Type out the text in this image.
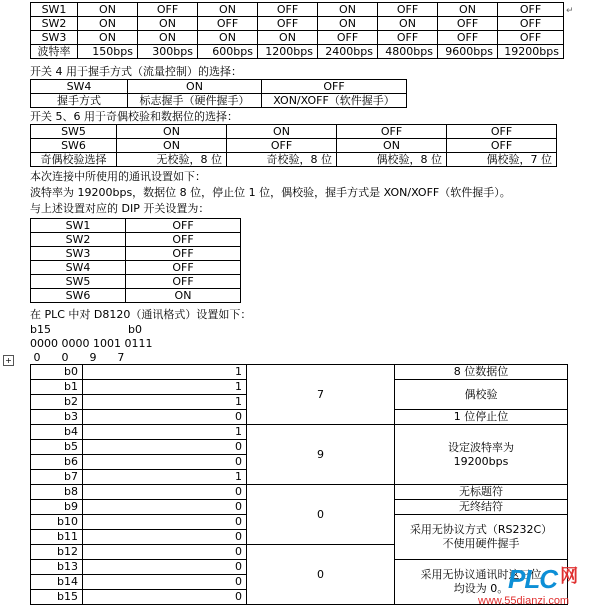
SW1	ON	OFF	ON	OFF	ON	OFF	ON	OFF
SW2	ON	ON	OFF	OFF	ON	ON	OFF	OFF
SW3	ON	ON	ON	ON	OFF	OFF	OFF	OFF
波特率	150bps	300bps	600bps	1200bps	2400bps	4800bps	9600bps	19200bps
↵
开关 4 用于握手方式（流量控制）的选择：
SW4	ON	OFF
握手方式	标志握手（硬件握手）	XON/XOFF（软件握手）
开关 5、6 用于奇偶校验和数据位的选择：
SW5	ON	ON	OFF	OFF
SW6	ON	OFF	ON	OFF
奇偶校验选择	无校验，8 位	奇校验，8 位	偶校验，8 位	偶校验，7 位
本次连接中所使用的通讯设置如下：
波特率为 19200bps，数据位 8 位，停止位 1 位，偶校验，握手方式是 XON/XOFF（软件握手）。
与上述设置对应的 DIP 开关设置为：
SW1	OFF
SW2	OFF
SW3	OFF
SW4	OFF
SW5	OFF
SW6	ON
在 PLC 中对 D8120（通讯格式）设置如下：
b15	b0
0000 0000 1001 0111
0      0      9      7
+
b0	1	7	8 位数据位
b1	1		偶校验
b2	1		
b3	0		1 位停止位
b4	1	9	设定波特率为
19200bps

b5	0		
b6	0		
b7	1		
b8	0	0	无标题符
b9	0		无终结符
b10	0		采用无协议方式（RS232C）
不使用硬件握手

b11	0		
b12	0	0	
b13	0		采用无协议通讯时这三位
均设为 0。

b14	0		
b15	0		
PLC 网
www.55dianzi.com
